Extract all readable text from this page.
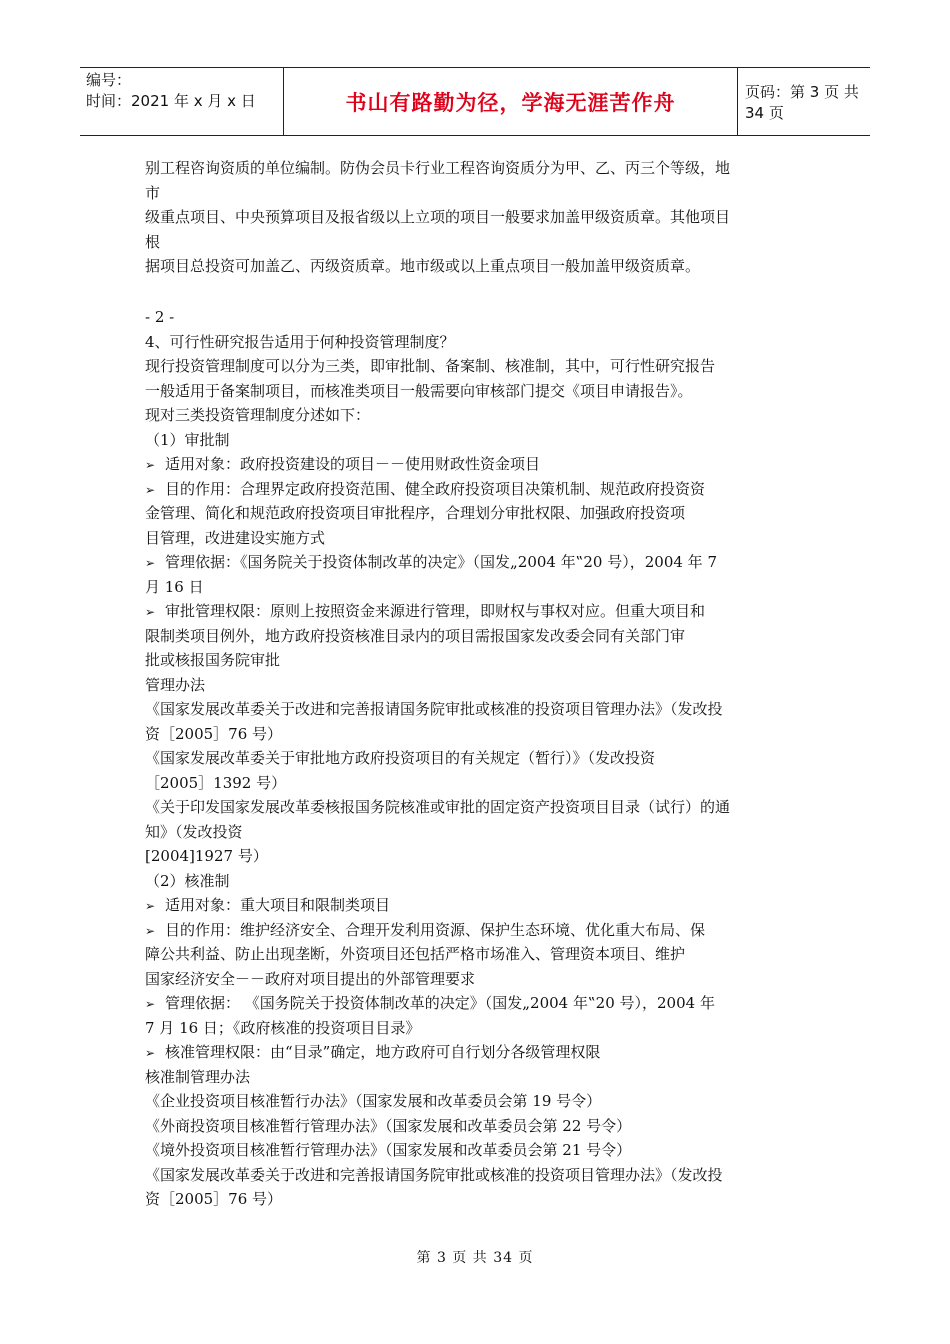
编号：
时间：2021 年 x 月 x 日	书山有路勤为径，学海无涯苦作舟	页码：第 3 页 共 34 页
别工程咨询资质的单位编制。防伪会员卡行业工程咨询资质分为甲、乙、丙三个等级，地
市
级重点项目、中央预算项目及报省级以上立项的项目一般要求加盖甲级资质章。其他项目
根
据项目总投资可加盖乙、丙级资质章。地市级或以上重点项目一般加盖甲级资质章。
- 2 -
4、可行性研究报告适用于何种投资管理制度？
现行投资管理制度可以分为三类，即审批制、备案制、核准制，其中，可行性研究报告
一般适用于备案制项目，而核准类项目一般需要向审核部门提交《项目申请报告》。
现对三类投资管理制度分述如下：
（1）审批制
➢ 适用对象：政府投资建设的项目－－使用财政性资金项目
➢ 目的作用：合理界定政府投资范围、健全政府投资项目决策机制、规范政府投资资
金管理、简化和规范政府投资项目审批程序，合理划分审批权限、加强政府投资项
目管理，改进建设实施方式
➢ 管理依据：《国务院关于投资体制改革的决定》（国发„2004 年‟20 号），2004 年 7
月 16 日
➢ 审批管理权限：原则上按照资金来源进行管理，即财权与事权对应。但重大项目和
限制类项目例外，地方政府投资核准目录内的项目需报国家发改委会同有关部门审
批或核报国务院审批
管理办法
《国家发展改革委关于改进和完善报请国务院审批或核准的投资项目管理办法》（发改投
资［2005］76 号）
《国家发展改革委关于审批地方政府投资项目的有关规定（暂行）》（发改投资
［2005］1392 号）
《关于印发国家发展改革委核报国务院核准或审批的固定资产投资项目目录（试行）的通
知》（发改投资
[2004]1927 号）
（2）核准制
➢ 适用对象：重大项目和限制类项目
➢ 目的作用：维护经济安全、合理开发利用资源、保护生态环境、优化重大布局、保
障公共利益、防止出现垄断，外资项目还包括严格市场准入、管理资本项目、维护
国家经济安全－－政府对项目提出的外部管理要求
➢ 管理依据： 《国务院关于投资体制改革的决定》（国发„2004 年‟20 号），2004 年
7 月 16 日；《政府核准的投资项目目录》
➢ 核准管理权限：由“目录”确定，地方政府可自行划分各级管理权限
核准制管理办法
《企业投资项目核准暂行办法》（国家发展和改革委员会第 19 号令）
《外商投资项目核准暂行管理办法》（国家发展和改革委员会第 22 号令）
《境外投资项目核准暂行管理办法》（国家发展和改革委员会第 21 号令）
《国家发展改革委关于改进和完善报请国务院审批或核准的投资项目管理办法》（发改投
资［2005］76 号）
第 3 页 共 34 页
